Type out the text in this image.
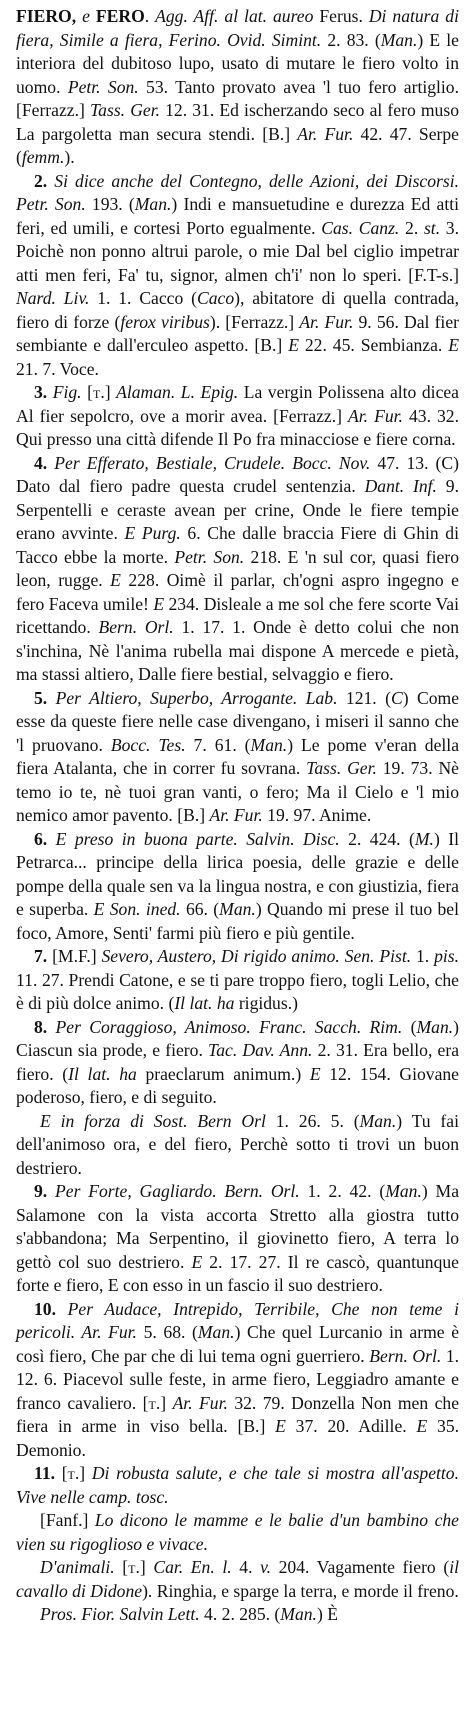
FIERO, e FERO. Agg. Aff. al lat. aureo Ferus. Di natura di fiera, Simile a fiera, Ferino. Ovid. Simint. 2. 83. (Man.) E le interiora del dubitoso lupo, usato di mutare le fiero volto in uomo. Petr. Son. 53. Tanto provato avea 'l tuo fero artiglio. [Ferrazz.] Tass. Ger. 12. 31. Ed ischerzando seco al fero muso La pargoletta man secura stendi. [B.] Ar. Fur. 42. 47. Serpe (femm.).

2. Si dice anche del Contegno, delle Azioni, dei Discorsi. Petr. Son. 193. (Man.) Indi e mansuetudine e durezza Ed atti feri, ed umili, e cortesi Porto egualmente. Cas. Canz. 2. st. 3. Poichè non ponno altrui parole, o mie Dal bel ciglio impetrar atti men feri, Fa' tu, signor, almen ch'i' non lo speri. [F.T-s.] Nard. Liv. 1. 1. Cacco (Caco), abitatore di quella contrada, fiero di forze (ferox viribus). [Ferrazz.] Ar. Fur. 9. 56. Dal fier sembiante e dall'erculeo aspetto. [B.] E 22. 45. Sembianza. E 21. 7. Voce.

3. Fig. [t.] Alaman. L. Epig. La vergin Polissena alto dicea Al fier sepolcro, ove a morir avea. [Ferrazz.] Ar. Fur. 43. 32. Qui presso una città difende Il Po fra minacciose e fiere corna.

4. Per Efferato, Bestiale, Crudele. Bocc. Nov. 47. 13. (C) Dato dal fiero padre questa crudel sentenzia. Dant. Inf. 9. Serpentelli e ceraste avean per crine, Onde le fiere tempie erano avvinte. E Purg. 6. Che dalle braccia Fiere di Ghin di Tacco ebbe la morte. Petr. Son. 218. E 'n sul cor, quasi fiero leon, rugge. E 228. Oimè il parlar, ch'ogni aspro ingegno e fero Faceva umile! E 234. Disleale a me sol che fere scorte Vai ricettando. Bern. Orl. 1. 17. 1. Onde è detto colui che non s'inchina, Nè l'anima rubella mai dispone A mercede e pietà, ma stassi altiero, Dalle fiere bestial, selvaggio e fiero.

5. Per Altiero, Superbo, Arrogante. Lab. 121. (C) Come esse da queste fiere nelle case divengano, i miseri il sanno che 'l pruovano. Bocc. Tes. 7. 61. (Man.) Le pome v'eran della fiera Atalanta, che in correr fu sovrana. Tass. Ger. 19. 73. Nè temo io te, nè tuoi gran vanti, o fero; Ma il Cielo e 'l mio nemico amor pavento. [B.] Ar. Fur. 19. 97. Anime.

6. E preso in buona parte. Salvin. Disc. 2. 424. (M.) Il Petrarca... principe della lirica poesia, delle grazie e delle pompe della quale sen va la lingua nostra, e con giustizia, fiera e superba. E Son. ined. 66. (Man.) Quando mi prese il tuo bel foco, Amore, Senti' farmi più fiero e più gentile.

7. [M.F.] Severo, Austero, Di rigido animo. Sen. Pist. 1. pis. 11. 27. Prendi Catone, e se ti pare troppo fiero, togli Lelio, che è di più dolce animo. (Il lat. ha rigidus.)

8. Per Coraggioso, Animoso. Franc. Sacch. Rim. (Man.) Ciascun sia prode, e fiero. Tac. Dav. Ann. 2. 31. Era bello, era fiero. (Il lat. ha praeclarum animum.) E 12. 154. Giovane poderoso, fiero, e di seguito.

E in forza di Sost. Bern Orl 1. 26. 5. (Man.) Tu fai dell'animoso ora, e del fiero, Perchè sotto ti trovi un buon destriero.

9. Per Forte, Gagliardo. Bern. Orl. 1. 2. 42. (Man.) Ma Salamone con la vista accorta Stretto alla giostra tutto s'abbandona; Ma Serpentino, il giovinetto fiero, A terra lo gettò col suo destriero. E 2. 17. 27. Il re cascò, quantunque forte e fiero, E con esso in un fascio il suo destriero.

10. Per Audace, Intrepido, Terribile, Che non teme i pericoli. Ar. Fur. 5. 68. (Man.) Che quel Lurcanio in arme è così fiero, Che par che di lui tema ogni guerriero. Bern. Orl. 1. 12. 6. Piacevol sulle feste, in arme fiero, Leggiadro amante e franco cavaliero. [t.] Ar. Fur. 32. 79. Donzella Non men che fiera in arme in viso bella. [B.] E 37. 20. Adille. E 35. Demonio.

11. [t.] Di robusta salute, e che tale si mostra all'aspetto. Vive nelle camp. tosc.

[Fanf.] Lo dicono le mamme e le balie d'un bambino che vien su rigoglioso e vivace.

D'animali. [t.] Car. En. l. 4. v. 204. Vagamente fiero (il cavallo di Didone). Ringhia, e sparge la terra, e morde il freno.

Pros. Fior. Salvin Lett. 4. 2. 285. (Man.) È
